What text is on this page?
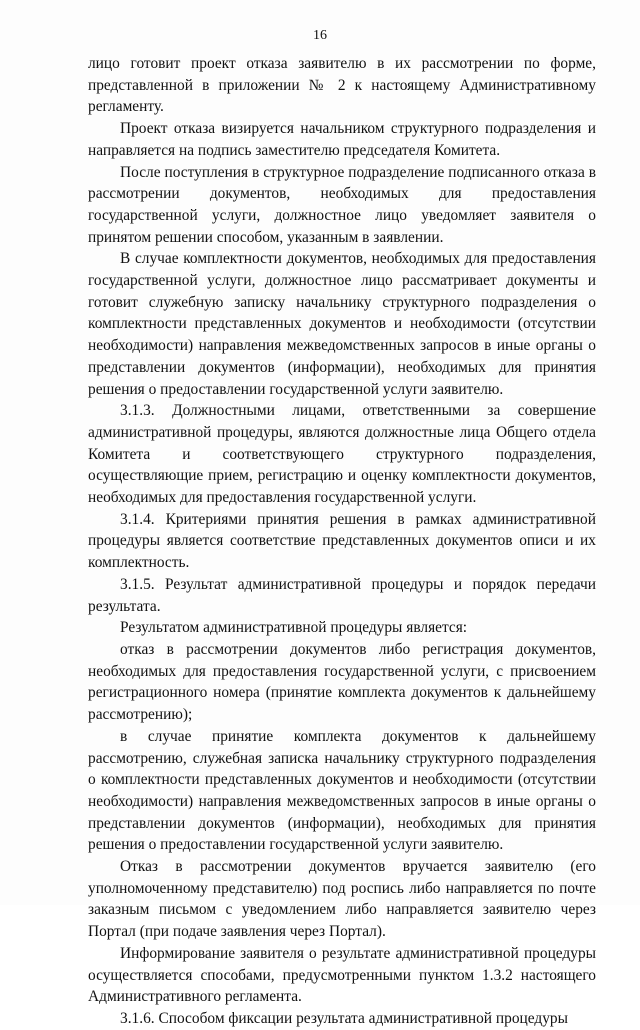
16

лицо готовит проект отказа заявителю в их рассмотрении по форме, представленной в приложении № 2 к настоящему Административному регламенту.

Проект отказа визируется начальником структурного подразделения и направляется на подпись заместителю председателя Комитета.

После поступления в структурное подразделение подписанного отказа в рассмотрении документов, необходимых для предоставления государственной услуги, должностное лицо уведомляет заявителя о принятом решении способом, указанным в заявлении.

В случае комплектности документов, необходимых для предоставления государственной услуги, должностное лицо рассматривает документы и готовит служебную записку начальнику структурного подразделения о комплектности представленных документов и необходимости (отсутствии необходимости) направления межведомственных запросов в иные органы о представлении документов (информации), необходимых для принятия решения о предоставлении государственной услуги заявителю.

3.1.3. Должностными лицами, ответственными за совершение административной процедуры, являются должностные лица Общего отдела Комитета и соответствующего структурного подразделения, осуществляющие прием, регистрацию и оценку комплектности документов, необходимых для предоставления государственной услуги.

3.1.4. Критериями принятия решения в рамках административной процедуры является соответствие представленных документов описи и их комплектность.

3.1.5. Результат административной процедуры и порядок передачи результата.

Результатом административной процедуры является:

отказ в рассмотрении документов либо регистрация документов, необходимых для предоставления государственной услуги, с присвоением регистрационного номера (принятие комплекта документов к дальнейшему рассмотрению);

в случае принятие комплекта документов к дальнейшему рассмотрению, служебная записка начальнику структурного подразделения о комплектности представленных документов и необходимости (отсутствии необходимости) направления межведомственных запросов в иные органы о представлении документов (информации), необходимых для принятия решения о предоставлении государственной услуги заявителю.

Отказ в рассмотрении документов вручается заявителю (его уполномоченному представителю) под роспись либо направляется по почте заказным письмом с уведомлением либо направляется заявителю через Портал (при подаче заявления через Портал).

Информирование заявителя о результате административной процедуры осуществляется способами, предусмотренными пунктом 1.3.2 настоящего Административного регламента.

3.1.6. Способом фиксации результата административной процедуры
